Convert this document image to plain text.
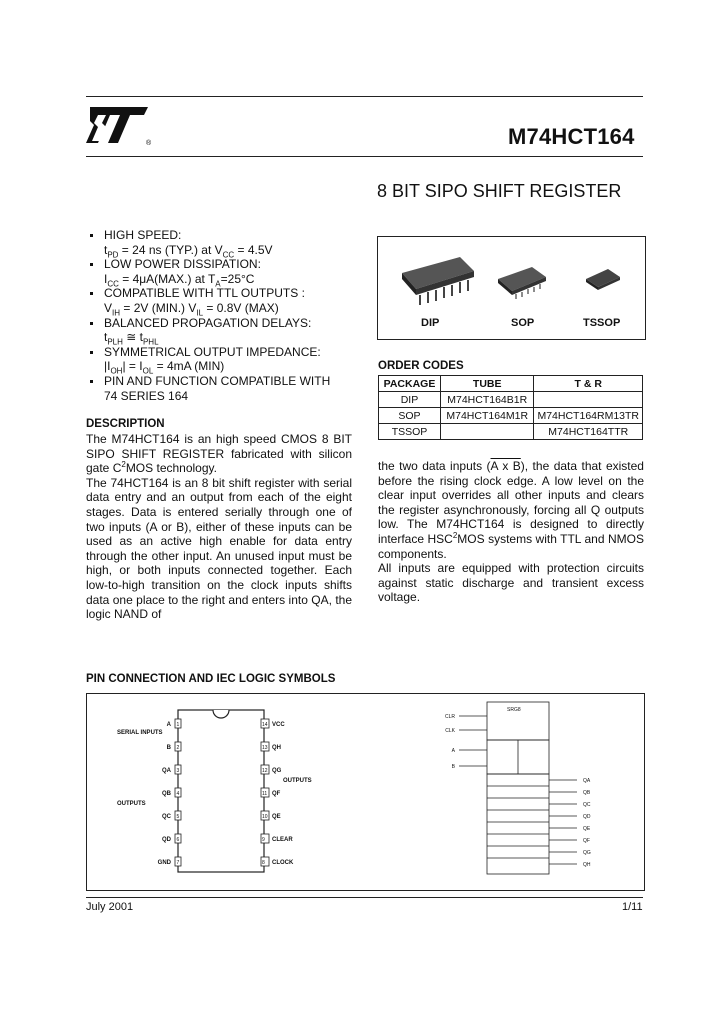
®	M74HCT164
8 BIT SIPO SHIFT REGISTER
HIGH SPEED:
$t_{PD} = 24$ ns (TYP.) at $V_{CC} = 4.5V$
LOW POWER DISSIPATION:
$I_{CC} = 4\mu A(MAX.)$ at $T_A=25^\circ C$
COMPATIBLE WITH TTL OUTPUTS :
$V_{IH} = 2V$ (MIN.) $V_{IL} = 0.8V$ (MAX)
BALANCED PROPAGATION DELAYS:
$t_{PLH}$ ≅ $t_{PHL}$
SYMMETRICAL OUTPUT IMPEDANCE:
$|I_{OH}| = I_{OL} = 4mA$ (MIN)
PIN AND FUNCTION COMPATIBLE WITH
74 SERIES 164
DESCRIPTION
The M74HCT164 is an high speed CMOS 8 BIT SIPO SHIFT REGISTER fabricated with silicon gate $C^2MOS$ technology.
The 74HCT164 is an 8 bit shift register with serial data entry and an output from each of the eight stages. Data is entered serially through one of two inputs (A or B), either of these inputs can be used as an active high enable for data entry through the other input. An unused input must be high, or both inputs connected together. Each low-to-high transition on the clock inputs shifts data one place to the right and enters into QA, the logic NAND of
DIP	SOP	TSSOP
ORDER CODES
PACKAGE	TUBE	T & R
DIP	M74HCT164B1R	
SOP	M74HCT164M1R	M74HCT164RM13TR
TSSOP		M74HCT164TTR
the two data inputs (A x B), the data that existed before the rising clock edge. A low level on the clear input overrides all other inputs and clears the register asynchronously, forcing all Q outputs low. The M74HCT164 is designed to directly interface HSC$^2$MOS systems with TTL and NMOS components.
All inputs are equipped with protection circuits against static discharge and transient excess voltage.
PIN CONNECTION AND IEC LOGIC SYMBOLS
SERIAL INPUTS
OUTPUTS
OUTPUTS
1
A
2
B
3
QA
4
QB
5
QC
6
QD
7
GND
14 VCC
13 QH
12 QG
11 QF
10 QE
9 CLEAR
8 CLOCK
SRG8
CLR
CLK
A
B
QA
QB
QC
QD
QE
QF
QG
QH
July 2001	1/11
